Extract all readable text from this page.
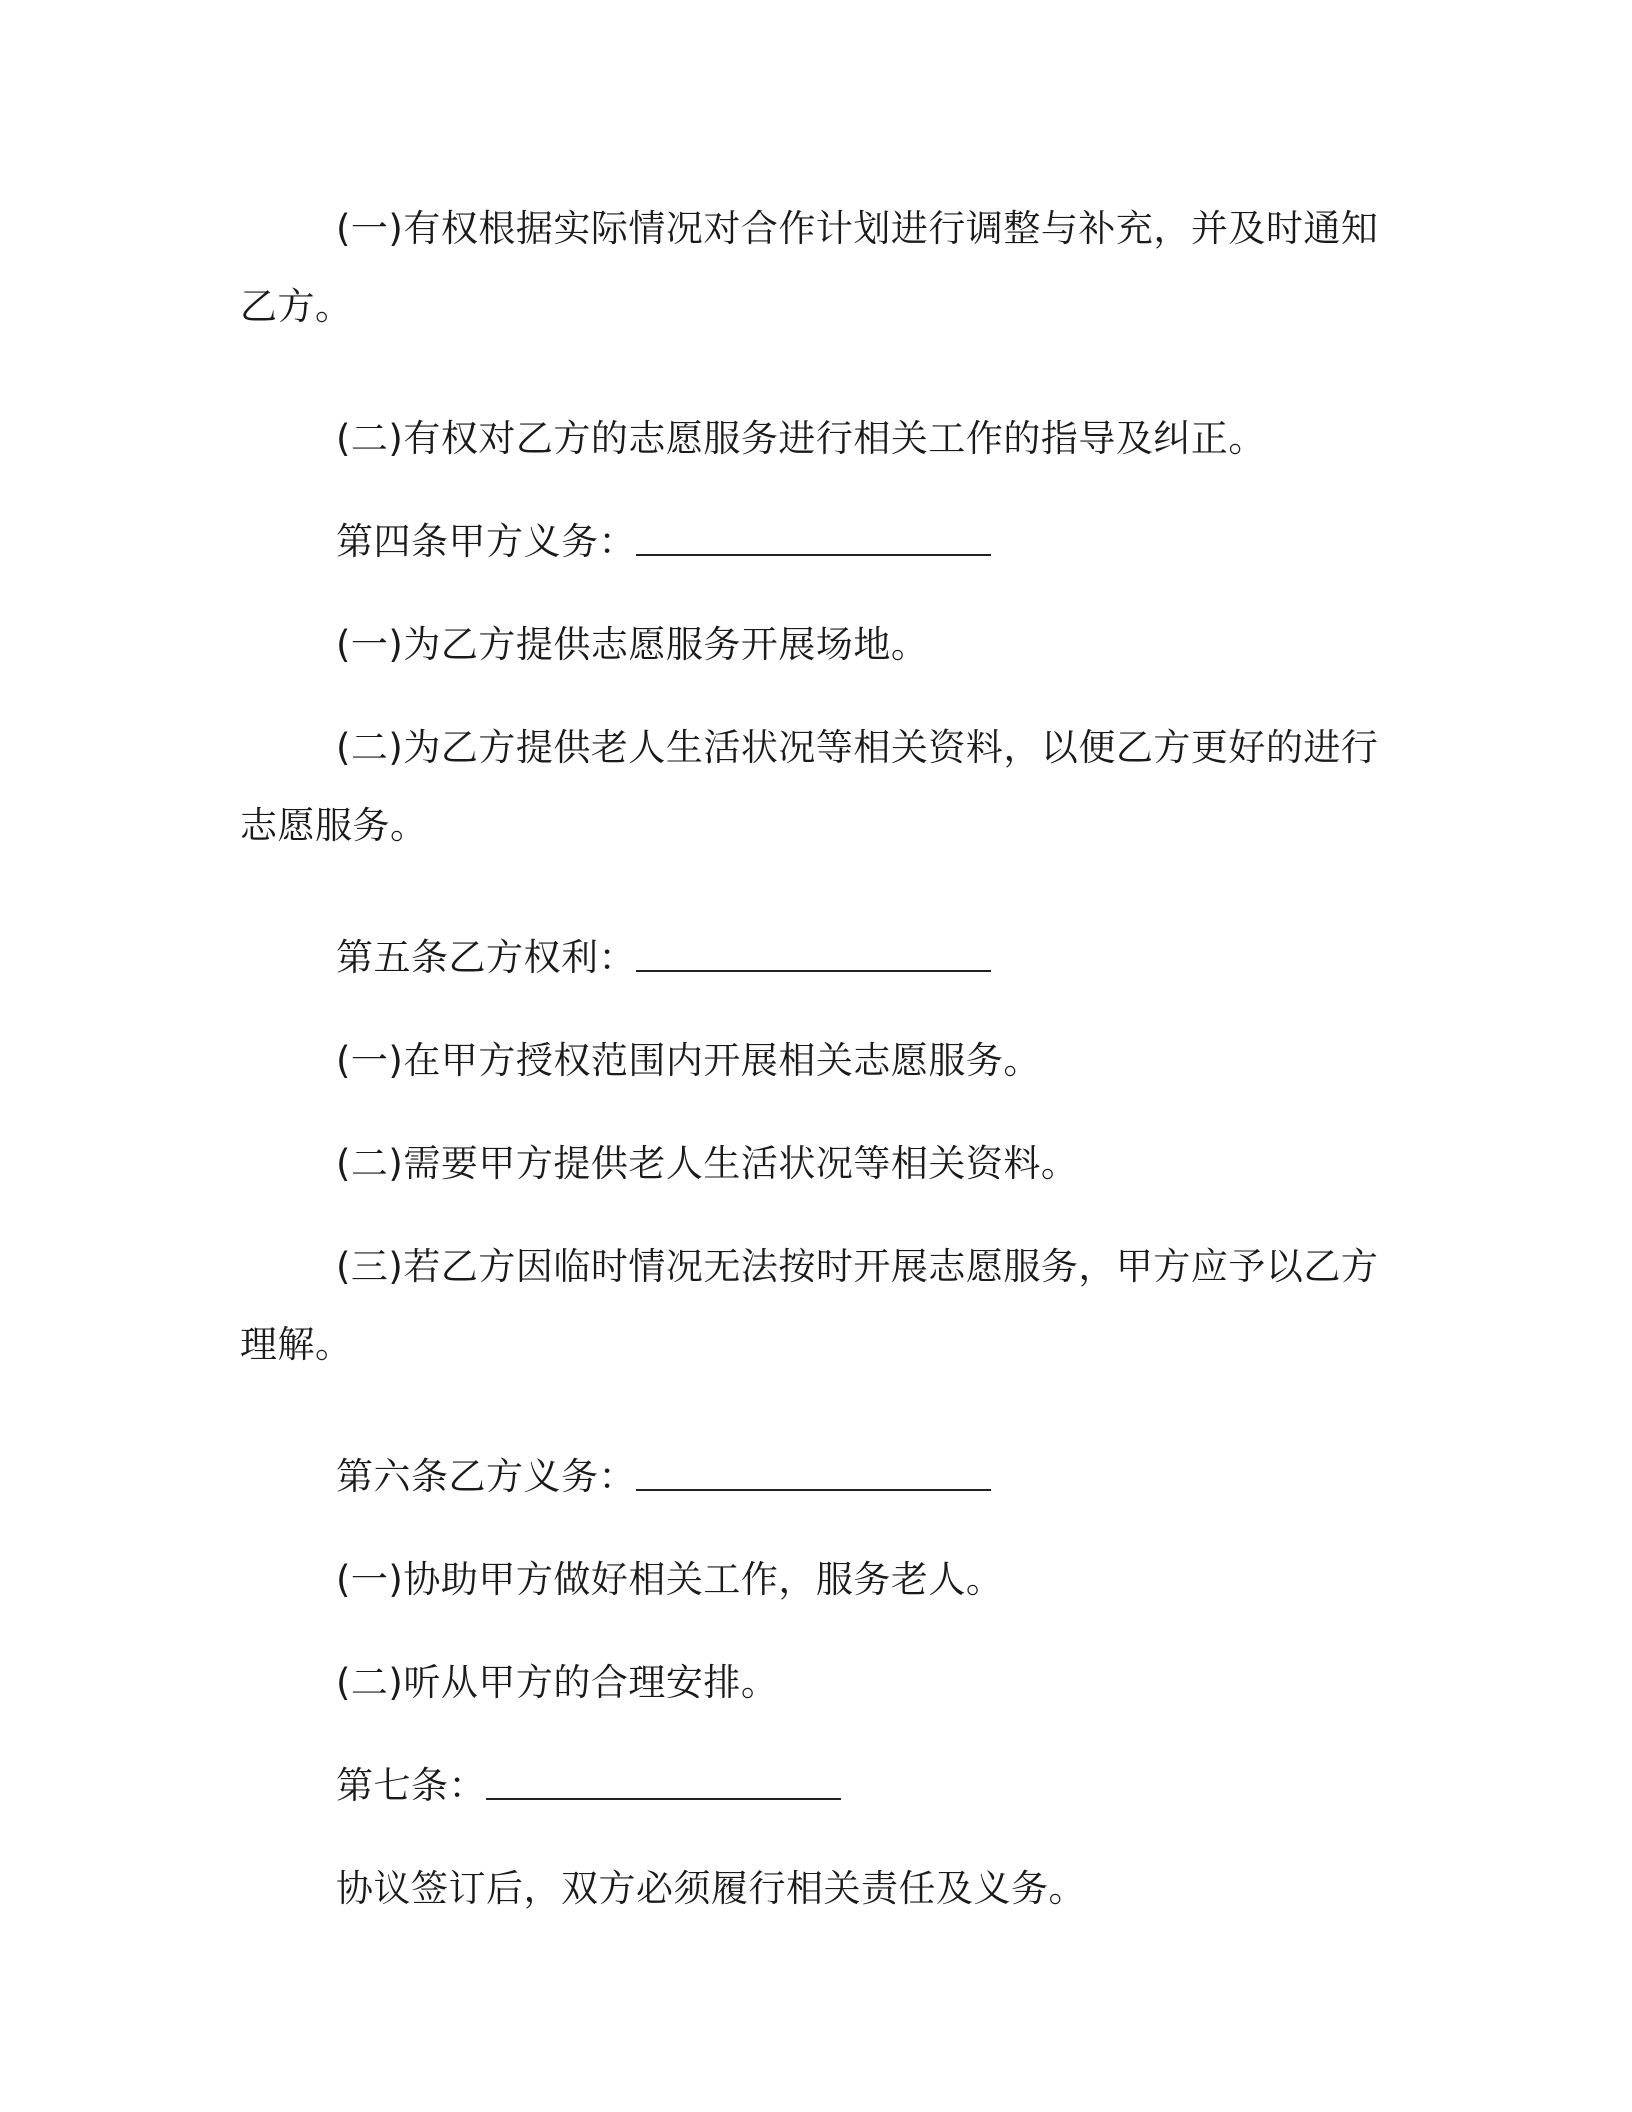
(一)有权根据实际情况对合作计划进行调整与补充，并及时通知乙方。

(二)有权对乙方的志愿服务进行相关工作的指导及纠正。

第四条甲方义务：

(一)为乙方提供志愿服务开展场地。

(二)为乙方提供老人生活状况等相关资料，以便乙方更好的进行志愿服务。

第五条乙方权利：

(一)在甲方授权范围内开展相关志愿服务。

(二)需要甲方提供老人生活状况等相关资料。

(三)若乙方因临时情况无法按时开展志愿服务，甲方应予以乙方理解。

第六条乙方义务：

(一)协助甲方做好相关工作，服务老人。

(二)听从甲方的合理安排。

第七条：

协议签订后，双方必须履行相关责任及义务。
